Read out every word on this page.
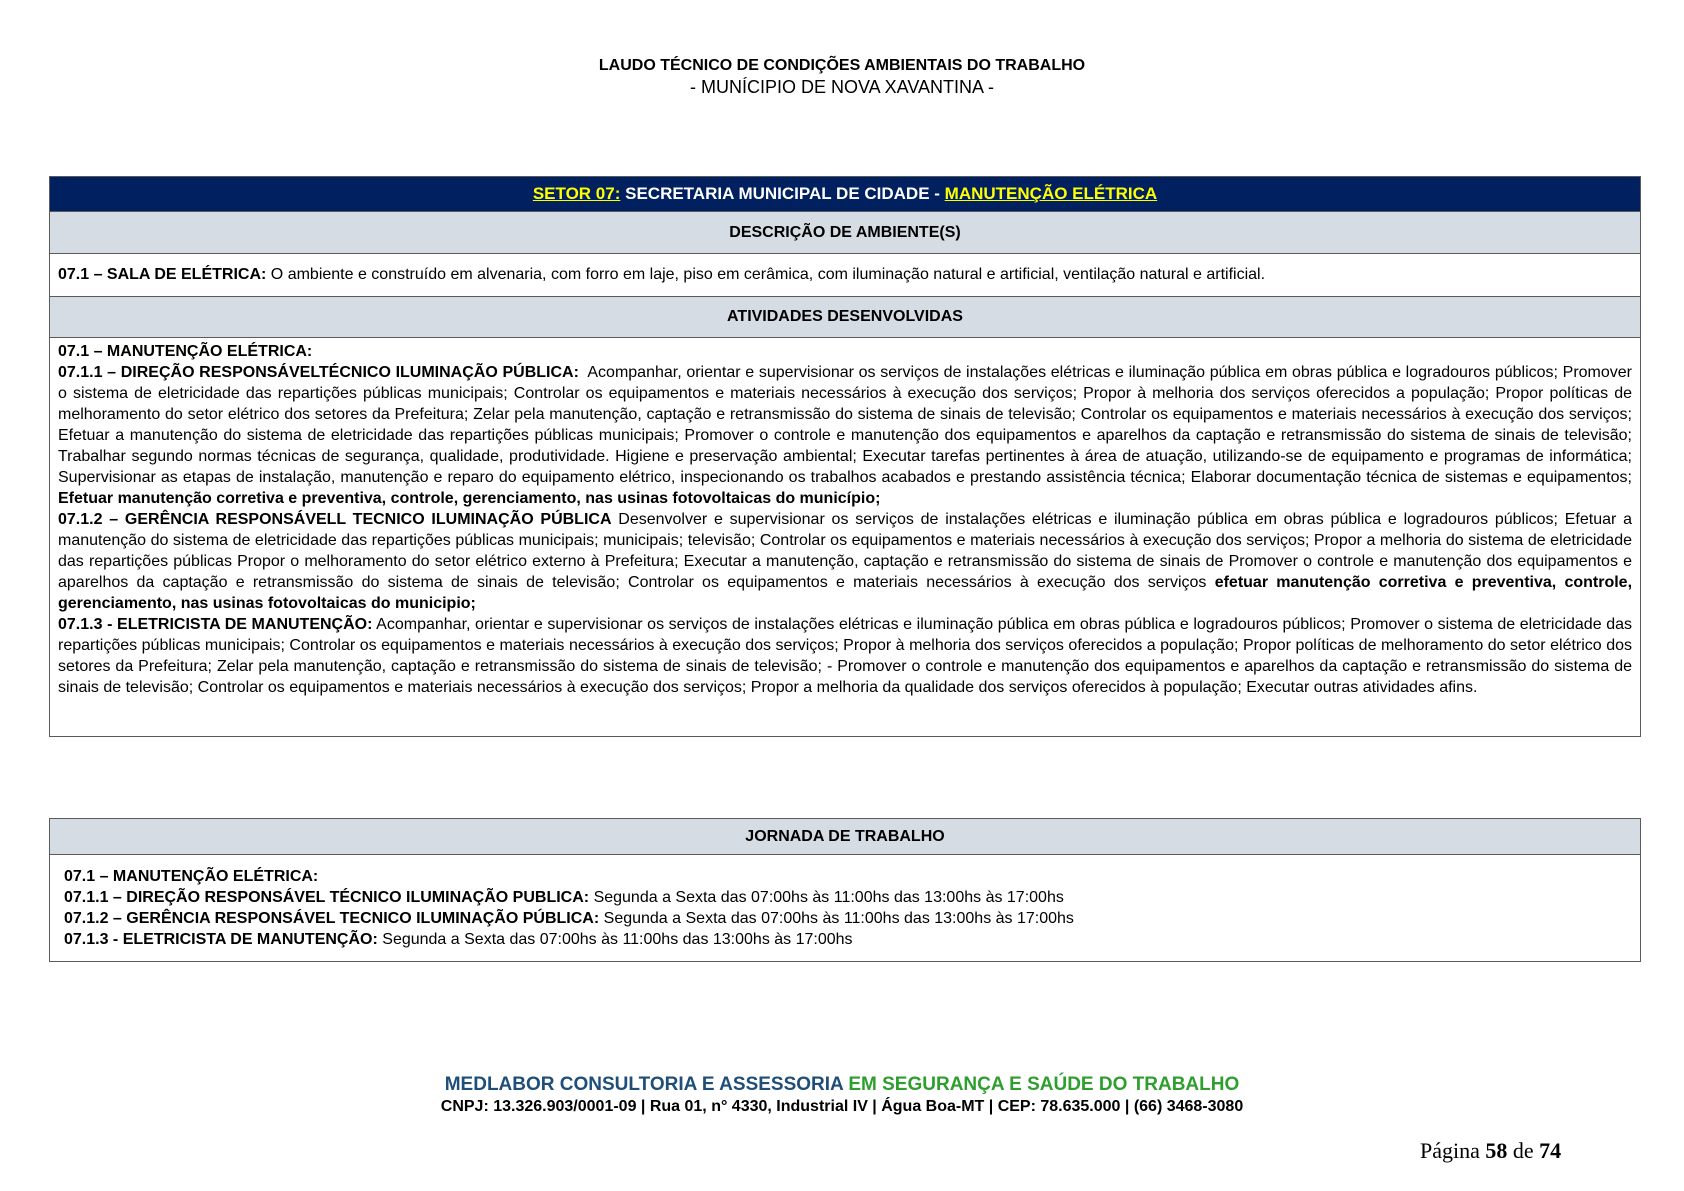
LAUDO TÉCNICO DE CONDIÇÕES AMBIENTAIS DO TRABALHO
- MUNÍCIPIO DE NOVA XAVANTINA -
SETOR 07:
SECRETARIA MUNICIPAL DE CIDADE -
MANUTENÇÃO ELÉTRICA
DESCRIÇÃO DE AMBIENTE(S)
07.1 – SALA DE ELÉTRICA: O ambiente e construído em alvenaria, com forro em laje, piso em cerâmica, com iluminação natural e artificial, ventilação natural e artificial.
ATIVIDADES DESENVOLVIDAS

07.1 – MANUTENÇÃO ELÉTRICA:

07.1.1 – DIREÇÃO RESPONSÁVELTÉCNICO ILUMINAÇÃO PÚBLICA: Acompanhar, orientar e supervisionar os serviços de instalações elétricas e iluminação pública em obras pública e logradouros públicos; Promover o sistema de eletricidade das repartições públicas municipais; Controlar os equipamentos e materiais necessários à execução dos serviços; Propor à melhoria dos serviços oferecidos a população; Propor políticas de melhoramento do setor elétrico dos setores da Prefeitura; Zelar pela manutenção, captação e retransmissão do sistema de sinais de televisão; Controlar os equipamentos e materiais necessários à execução dos serviços; Efetuar a manutenção do sistema de eletricidade das repartições públicas municipais; Promover o controle e manutenção dos equipamentos e aparelhos da captação e retransmissão do sistema de sinais de televisão; Trabalhar segundo normas técnicas de segurança, qualidade, produtividade. Higiene e preservação ambiental; Executar tarefas pertinentes à área de atuação, utilizando-se de equipamento e programas de informática; Supervisionar as etapas de instalação, manutenção e reparo do equipamento elétrico, inspecionando os trabalhos acabados e prestando assistência técnica; Elaborar documentação técnica de sistemas e equipamentos; Efetuar manutenção corretiva e preventiva, controle, gerenciamento, nas usinas fotovoltaicas do município;

07.1.2 – GERÊNCIA RESPONSÁVELL TECNICO ILUMINAÇÃO PÚBLICA Desenvolver e supervisionar os serviços de instalações elétricas e iluminação pública em obras pública e logradouros públicos; Efetuar a manutenção do sistema de eletricidade das repartições públicas municipais; municipais; televisão; Controlar os equipamentos e materiais necessários à execução dos serviços; Propor a melhoria do sistema de eletricidade das repartições públicas Propor o melhoramento do setor elétrico externo à Prefeitura; Executar a manutenção, captação e retransmissão do sistema de sinais de Promover o controle e manutenção dos equipamentos e aparelhos da captação e retransmissão do sistema de sinais de televisão; Controlar os equipamentos e materiais necessários à execução dos serviços efetuar manutenção corretiva e preventiva, controle, gerenciamento, nas usinas fotovoltaicas do municipio;

07.1.3 - ELETRICISTA DE MANUTENÇÃO: Acompanhar, orientar e supervisionar os serviços de instalações elétricas e iluminação pública em obras pública e logradouros públicos; Promover o sistema de eletricidade das repartições públicas municipais; Controlar os equipamentos e materiais necessários à execução dos serviços; Propor à melhoria dos serviços oferecidos a população; Propor políticas de melhoramento do setor elétrico dos setores da Prefeitura; Zelar pela manutenção, captação e retransmissão do sistema de sinais de televisão; - Promover o controle e manutenção dos equipamentos e aparelhos da captação e retransmissão do sistema de sinais de televisão; Controlar os equipamentos e materiais necessários à execução dos serviços; Propor a melhoria da qualidade dos serviços oferecidos à população; Executar outras atividades afins.

JORNADA DE TRABALHO
07.1 – MANUTENÇÃO ELÉTRICA:
07.1.1 – DIREÇÃO RESPONSÁVEL TÉCNICO ILUMINAÇÃO PUBLICA: Segunda a Sexta das 07:00hs às 11:00hs das 13:00hs às 17:00hs
07.1.2 – GERÊNCIA RESPONSÁVEL TECNICO ILUMINAÇÃO PÚBLICA: Segunda a Sexta das 07:00hs às 11:00hs das 13:00hs às 17:00hs
07.1.3 - ELETRICISTA DE MANUTENÇÃO: Segunda a Sexta das 07:00hs às 11:00hs das 13:00hs às 17:00hs
MEDLABOR CONSULTORIA E ASSESSORIA EM SEGURANÇA E SAÚDE DO TRABALHO
CNPJ: 13.326.903/0001-09 | Rua 01, n° 4330, Industrial IV | Água Boa-MT | CEP: 78.635.000 | (66) 3468-3080
Página 58 de 74
